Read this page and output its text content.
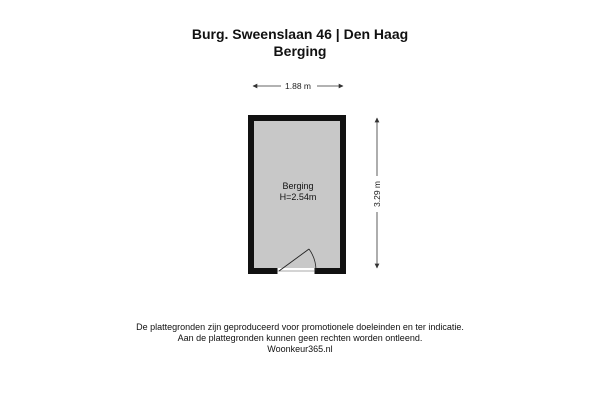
Burg. Sweenslaan 46 | Den Haag
Berging
1.88 m
3.29 m
Berging
H=2.54m
De plattegronden zijn geproduceerd voor promotionele doeleinden en ter indicatie.
Aan de plattegronden kunnen geen rechten worden ontleend.
Woonkeur365.nl
